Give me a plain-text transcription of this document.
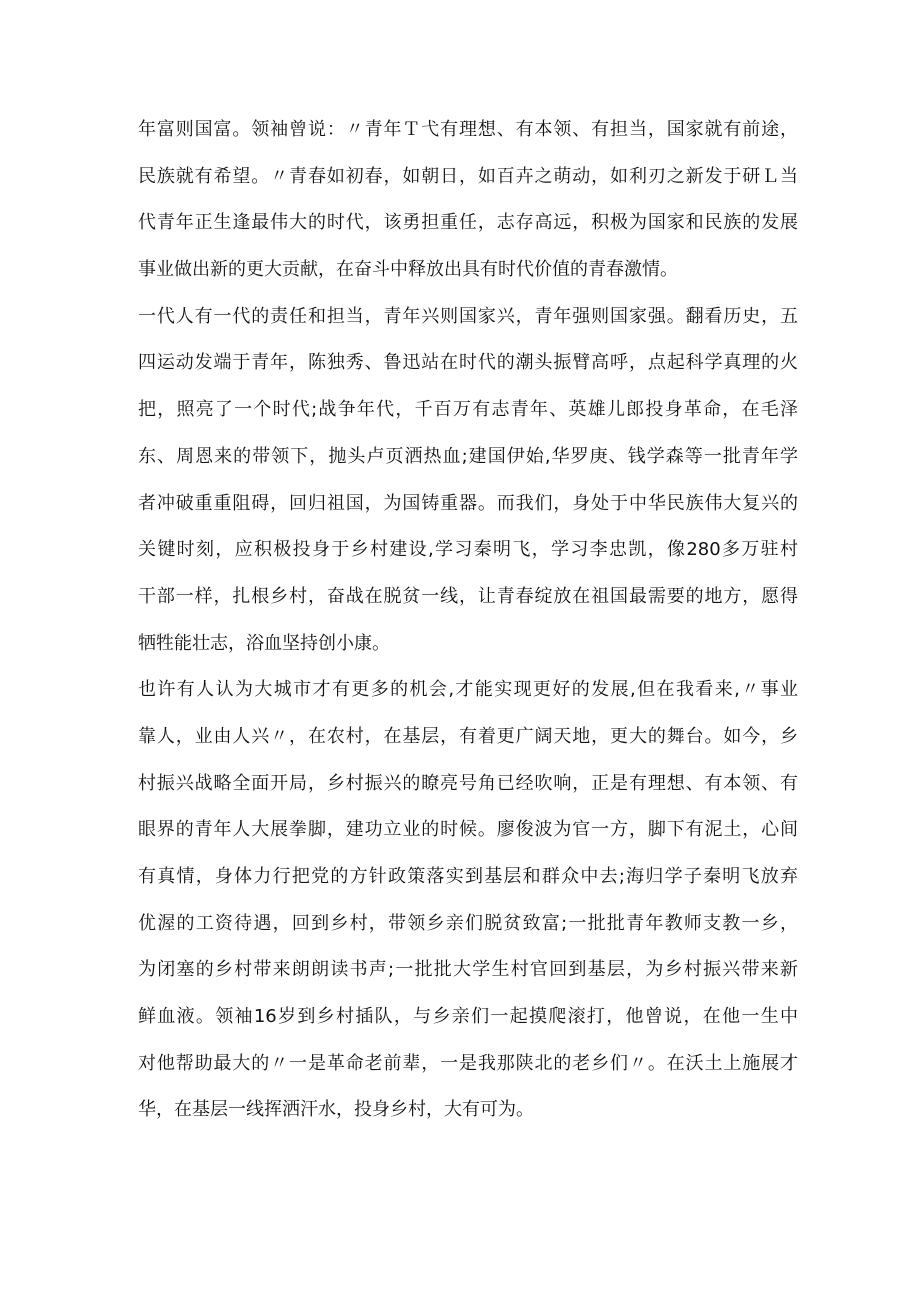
年富则国富。领袖曾说：〃青年Ｔ弋有理想、有本领、有担当，国家就有前途，
民族就有希望。〃青春如初春，如朝日，如百卉之萌动，如利刃之新发于研Ｌ当
代青年正生逢最伟大的时代，该勇担重任，志存高远，积极为国家和民族的发展
事业做出新的更大贡献，在奋斗中释放出具有时代价值的青春激情。
一代人有一代的责任和担当，青年兴则国家兴，青年强则国家强。翻看历史，五
四运动发端于青年，陈独秀、鲁迅站在时代的潮头振臂高呼，点起科学真理的火
把，照亮了一个时代;战争年代，千百万有志青年、英雄儿郎投身革命，在毛泽
东、周恩来的带领下，抛头卢页洒热血;建国伊始,华罗庚、钱学森等一批青年学
者冲破重重阻碍，回归祖国，为国铸重器。而我们，身处于中华民族伟大复兴的
关键时刻，应积极投身于乡村建设,学习秦明飞，学习李忠凯，像280多万驻村
干部一样，扎根乡村，奋战在脱贫一线，让青春绽放在祖国最需要的地方，愿得
牺牲能壮志，浴血坚持创小康。
也许有人认为大城市才有更多的机会,才能实现更好的发展,但在我看来,〃事业
靠人，业由人兴〃，在农村，在基层，有着更广阔天地，更大的舞台。如今，乡
村振兴战略全面开局，乡村振兴的瞭亮号角已经吹响，正是有理想、有本领、有
眼界的青年人大展拳脚，建功立业的时候。廖俊波为官一方，脚下有泥土，心间
有真情，身体力行把党的方针政策落实到基层和群众中去;海归学子秦明飞放弃
优渥的工资待遇，回到乡村，带领乡亲们脱贫致富;一批批青年教师支教一乡，
为闭塞的乡村带来朗朗读书声;一批批大学生村官回到基层，为乡村振兴带来新
鲜血液。领袖16岁到乡村插队，与乡亲们一起摸爬滚打，他曾说，在他一生中
对他帮助最大的〃一是革命老前辈，一是我那陕北的老乡们〃。在沃土上施展才
华，在基层一线挥洒汗水，投身乡村，大有可为。
